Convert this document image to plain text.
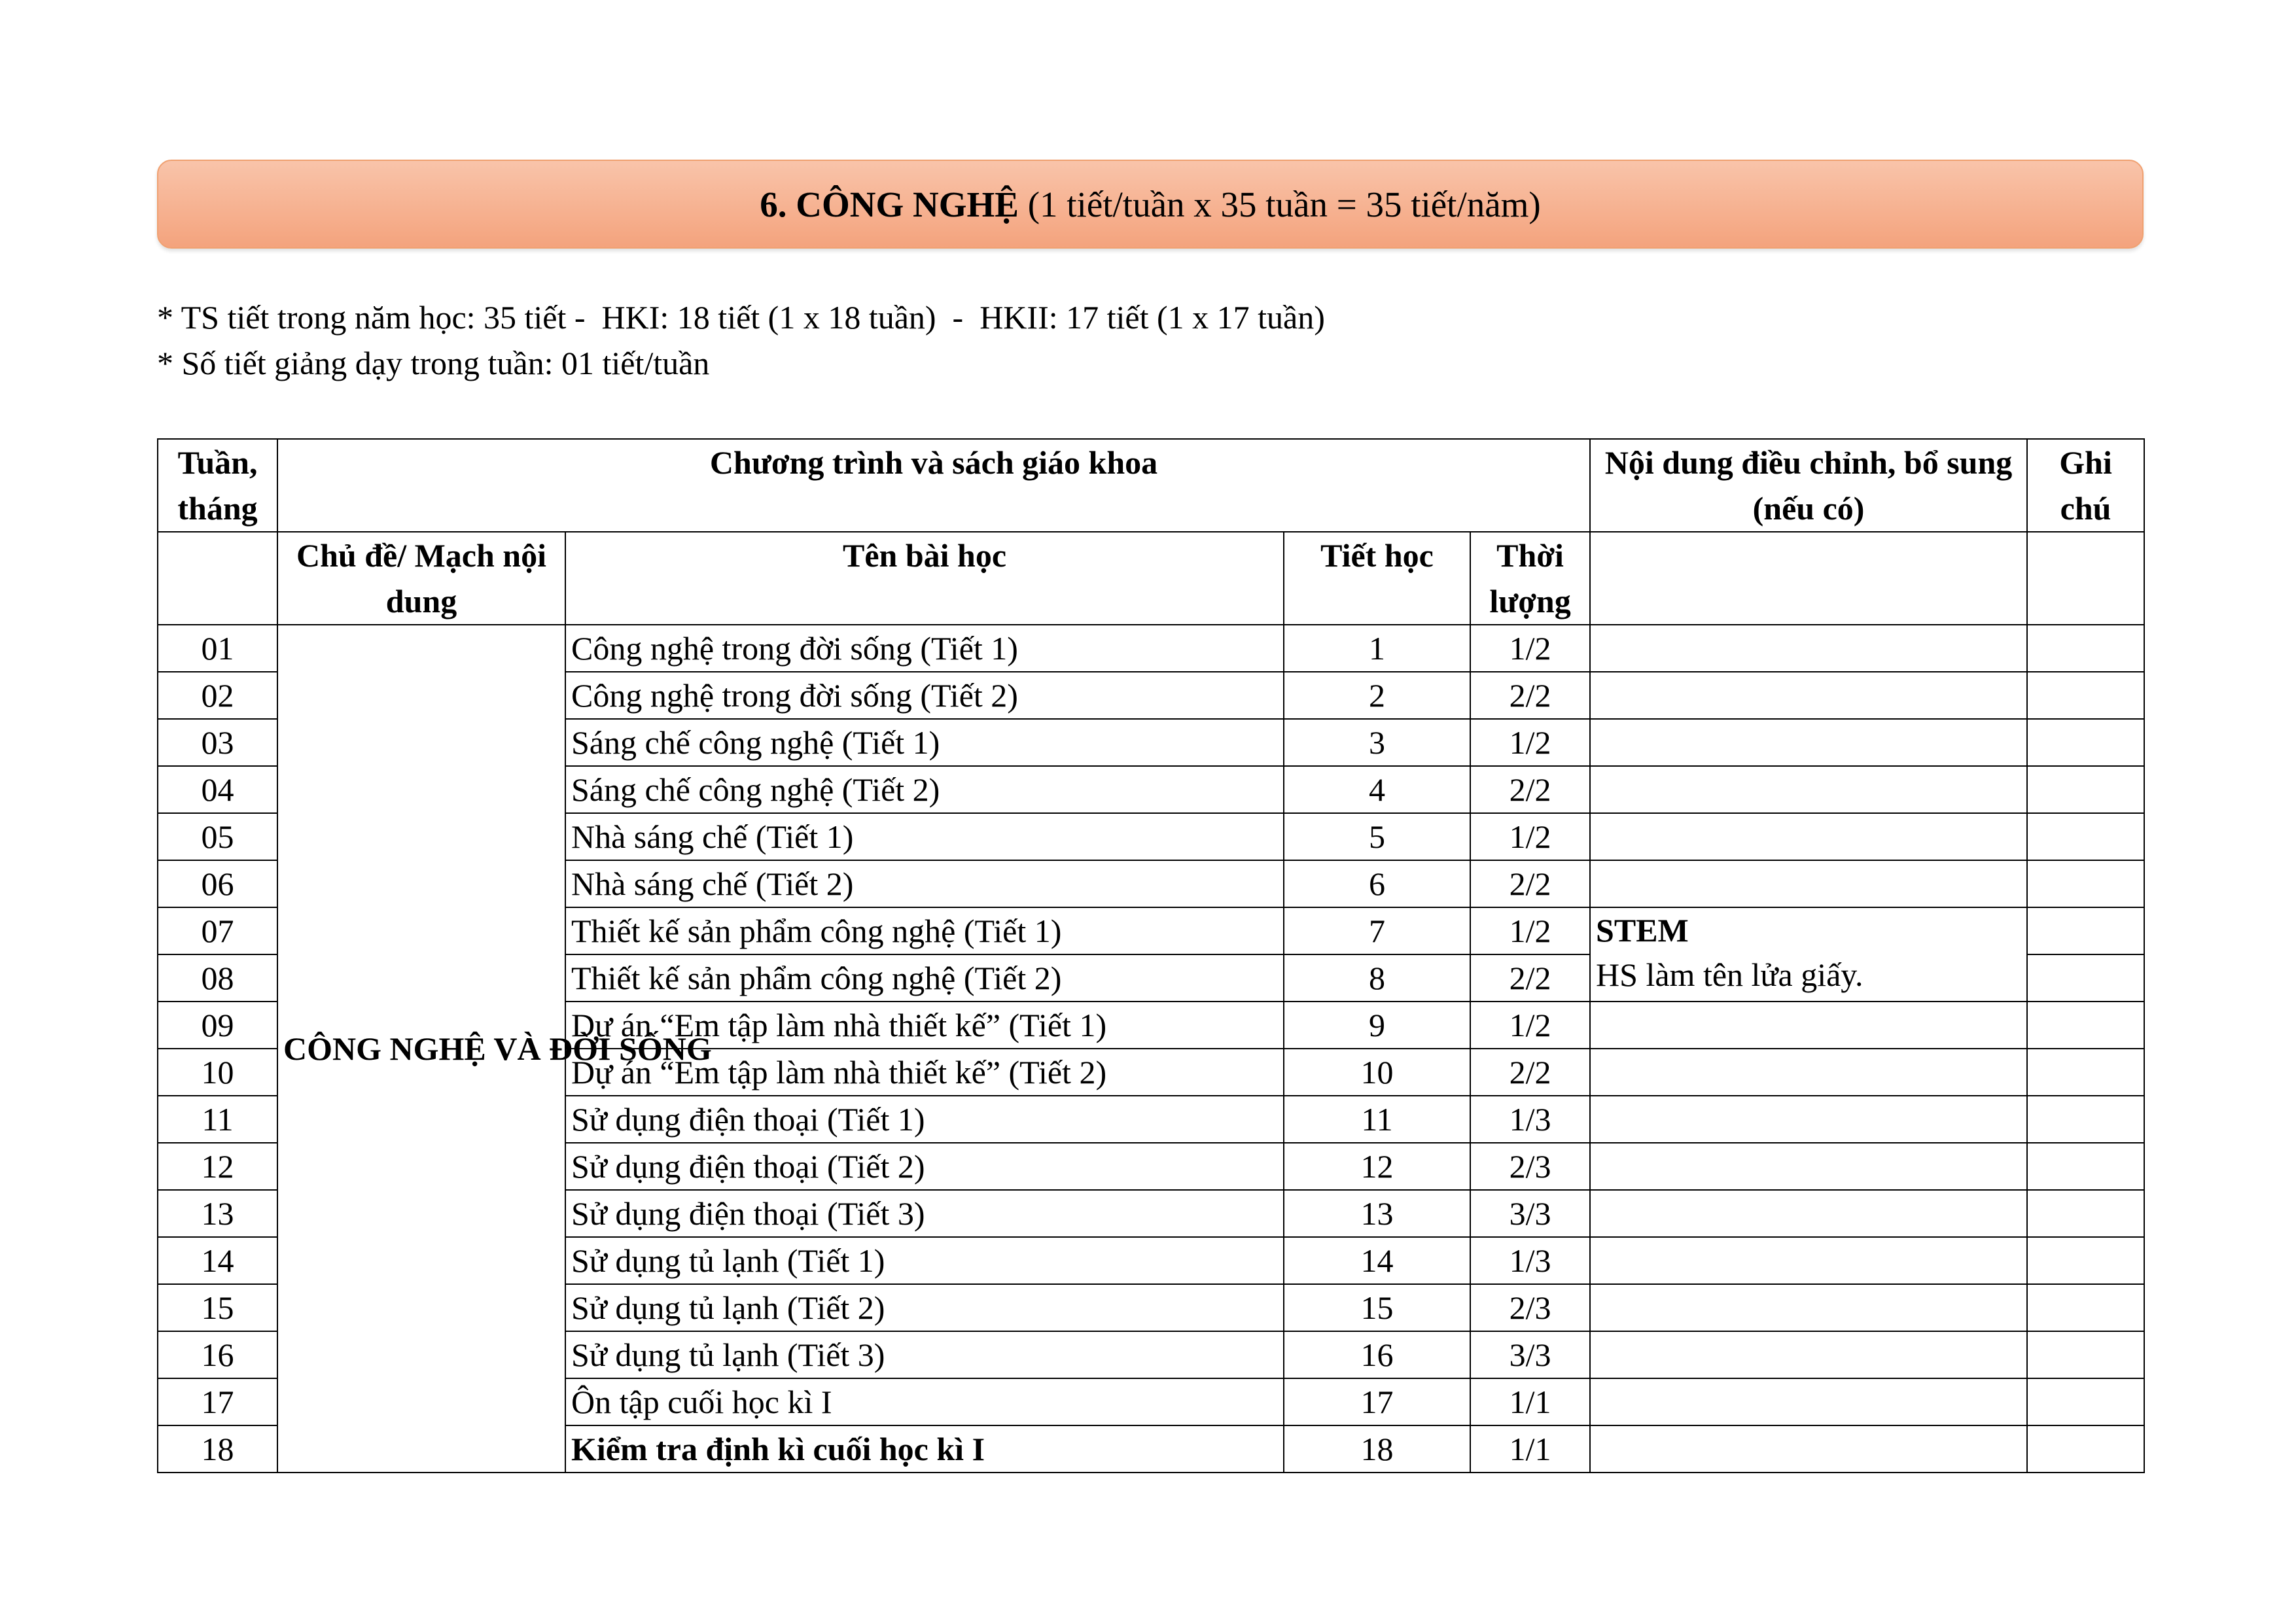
6. CÔNG NGHỆ (1 tiết/tuần x 35 tuần = 35 tiết/năm)
* TS tiết trong năm học: 35 tiết -  HKI: 18 tiết (1 x 18 tuần)  -  HKII: 17 tiết (1 x 17 tuần)
* Số tiết giảng dạy trong tuần: 01 tiết/tuần
Tuần, tháng	Chương trình và sách giáo khoa				Nội dung điều chỉnh, bổ sung (nếu có)	Ghi chú
	Chủ đề/ Mạch nội dung	Tên bài học	Tiết học	Thời lượng		
01	CÔNG NGHỆ VÀ ĐỜI SỐNG	Công nghệ trong đời sống (Tiết 1)	1	1/2		
02		Công nghệ trong đời sống (Tiết 2)	2	2/2		
03		Sáng chế công nghệ (Tiết 1)	3	1/2		
04		Sáng chế công nghệ (Tiết 2)	4	2/2		
05		Nhà sáng chế (Tiết 1)	5	1/2		
06		Nhà sáng chế (Tiết 2)	6	2/2		
07		Thiết kế sản phẩm công nghệ (Tiết 1)	7	1/2	STEM
HS làm tên lửa giấy.	

08		Thiết kế sản phẩm công nghệ (Tiết 2)	8	2/2		
09		Dự án “Em tập làm nhà thiết kế” (Tiết 1)	9	1/2		
10		Dự án “Em tập làm nhà thiết kế” (Tiết 2)	10	2/2		
11		Sử dụng điện thoại (Tiết 1)	11	1/3		
12		Sử dụng điện thoại (Tiết 2)	12	2/3		
13		Sử dụng điện thoại (Tiết 3)	13	3/3		
14		Sử dụng tủ lạnh (Tiết 1)	14	1/3		
15		Sử dụng tủ lạnh (Tiết 2)	15	2/3		
16		Sử dụng tủ lạnh (Tiết 3)	16	3/3		
17		Ôn tập cuối học kì I	17	1/1		
18		Kiểm tra định kì cuối học kì I	18	1/1		
